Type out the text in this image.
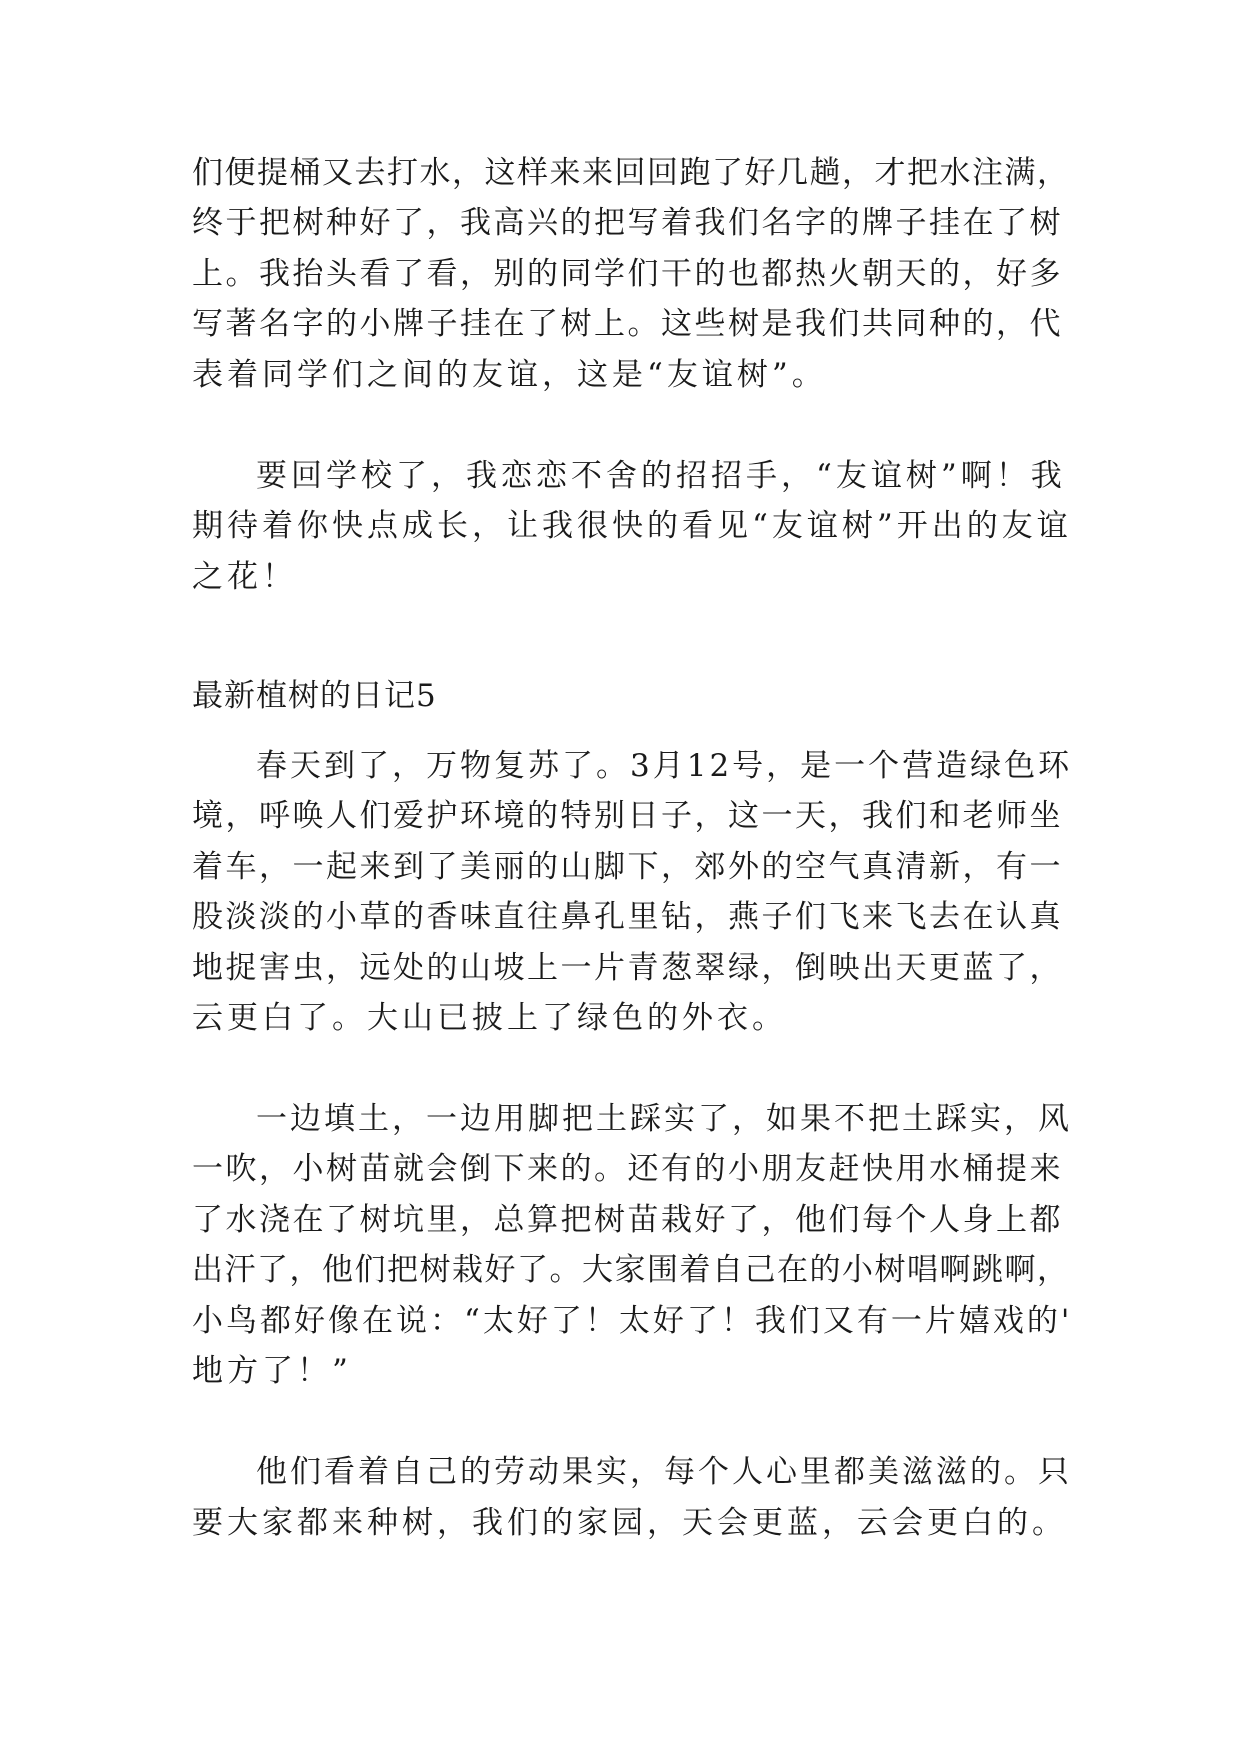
们便提桶又去打水，这样来来回回跑了好几趟，才把水注满，
终于把树种好了，我高兴的把写着我们名字的牌子挂在了树
上。我抬头看了看，别的同学们干的也都热火朝天的，好多
写著名字的小牌子挂在了树上。这些树是我们共同种的，代
表着同学们之间的友谊，这是“友谊树”。
要回学校了，我恋恋不舍的招招手，“友谊树”啊！我
期待着你快点成长，让我很快的看见“友谊树”开出的友谊
之花！
最新植树的日记5
春天到了，万物复苏了。3月12号，是一个营造绿色环
境，呼唤人们爱护环境的特别日子，这一天，我们和老师坐
着车，一起来到了美丽的山脚下，郊外的空气真清新，有一
股淡淡的小草的香味直往鼻孔里钻，燕子们飞来飞去在认真
地捉害虫，远处的山坡上一片青葱翠绿，倒映出天更蓝了，
云更白了。大山已披上了绿色的外衣。
一边填土，一边用脚把土踩实了，如果不把土踩实，风
一吹，小树苗就会倒下来的。还有的小朋友赶快用水桶提来
了水浇在了树坑里，总算把树苗栽好了，他们每个人身上都
出汗了，他们把树栽好了。大家围着自己在的小树唱啊跳啊，
小鸟都好像在说：“太好了！太好了！我们又有一片嬉戏的'
地方了！”
他们看着自己的劳动果实，每个人心里都美滋滋的。只
要大家都来种树，我们的家园，天会更蓝，云会更白的。
